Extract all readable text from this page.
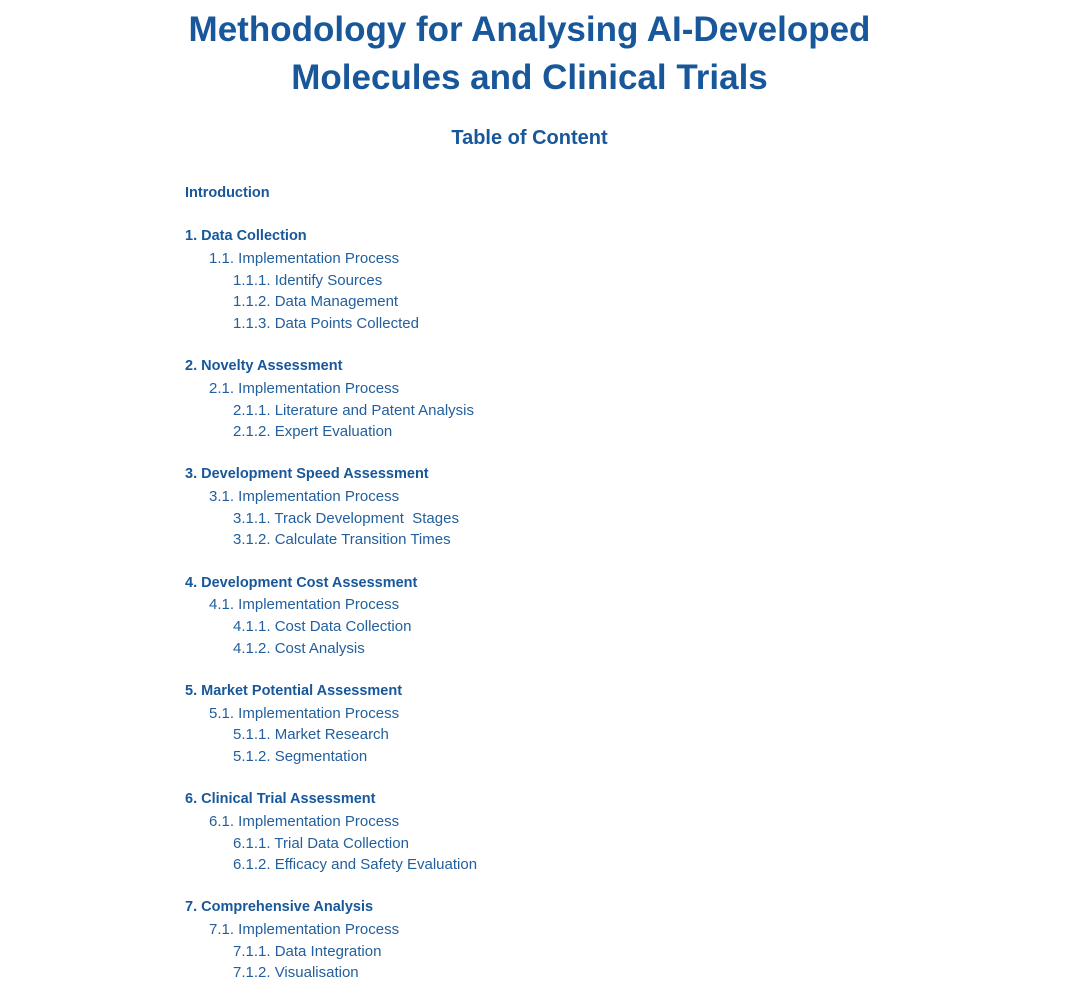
Methodology for Analysing AI-Developed
Molecules and Clinical Trials
Table of Content
Introduction
1. Data Collection
1.1. Implementation Process
1.1.1. Identify Sources
1.1.2. Data Management
1.1.3. Data Points Collected
2. Novelty Assessment
2.1. Implementation Process
2.1.1. Literature and Patent Analysis
2.1.2. Expert Evaluation
3. Development Speed Assessment
3.1. Implementation Process
3.1.1. Track Development  Stages
3.1.2. Calculate Transition Times
4. Development Cost Assessment
4.1. Implementation Process
4.1.1. Cost Data Collection
4.1.2. Cost Analysis
5. Market Potential Assessment
5.1. Implementation Process
5.1.1. Market Research
5.1.2. Segmentation
6. Clinical Trial Assessment
6.1. Implementation Process
6.1.1. Trial Data Collection
6.1.2. Efficacy and Safety Evaluation
7. Comprehensive Analysis
7.1. Implementation Process
7.1.1. Data Integration
7.1.2. Visualisation
